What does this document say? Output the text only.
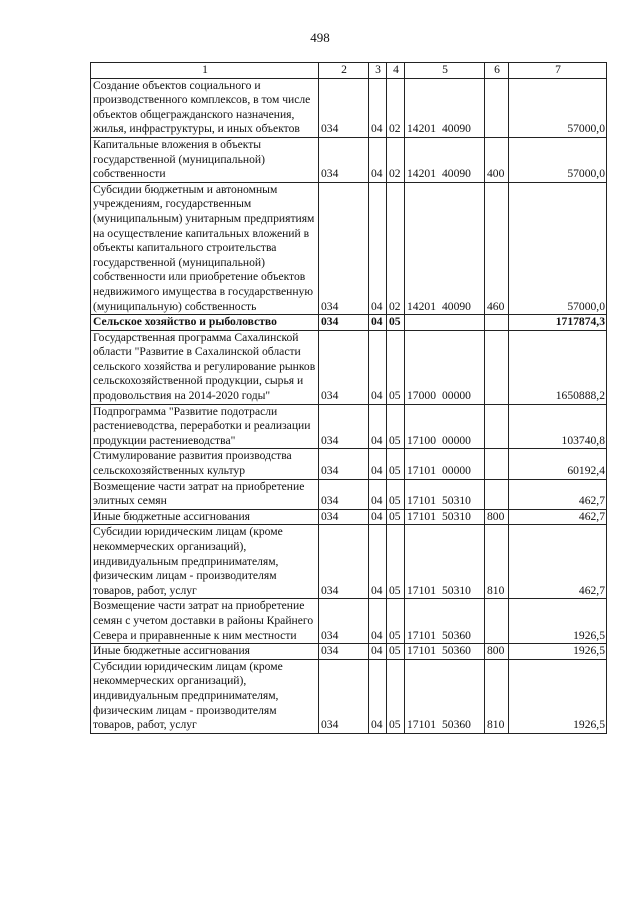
498
1	2	3	4	5	6	7
Создание объектов социального и производственного комплексов, в том числе объектов общегражданского назначения, жилья, инфраструктуры, и иных объектов	034	04	02	14201 40090		57000,0
Капитальные вложения в объекты государственной (муниципальной) собственности	034	04	02	14201 40090	400	57000,0
Субсидии бюджетным и автономным учреждениям, государственным (муниципальным) унитарным предприятиям на осуществление капитальных вложений в объекты капитального строительства государственной (муниципальной) собственности или приобретение объектов недвижимого имущества в государственную (муниципальную) собственность	034	04	02	14201 40090	460	57000,0
Сельское хозяйство и рыболовство	034	04	05			1717874,3
Государственная программа Сахалинской области "Развитие в Сахалинской области сельского хозяйства и регулирование рынков сельскохозяйственной продукции, сырья и продовольствия на 2014-2020 годы"	034	04	05	17000 00000		1650888,2
Подпрограмма "Развитие подотрасли растениеводства, переработки и реализации продукции растениеводства"	034	04	05	17100 00000		103740,8
Стимулирование развития производства сельскохозяйственных культур	034	04	05	17101 00000		60192,4
Возмещение части затрат на приобретение элитных семян	034	04	05	17101 50310		462,7
Иные бюджетные ассигнования	034	04	05	17101 50310	800	462,7
Субсидии юридическим лицам (кроме некоммерческих организаций), индивидуальным предпринимателям, физическим лицам - производителям товаров, работ, услуг	034	04	05	17101 50310	810	462,7
Возмещение части затрат на приобретение семян с учетом доставки в районы Крайнего Севера и приравненные к ним местности	034	04	05	17101 50360		1926,5
Иные бюджетные ассигнования	034	04	05	17101 50360	800	1926,5
Субсидии юридическим лицам (кроме некоммерческих организаций), индивидуальным предпринимателям, физическим лицам - производителям товаров, работ, услуг	034	04	05	17101 50360	810	1926,5
